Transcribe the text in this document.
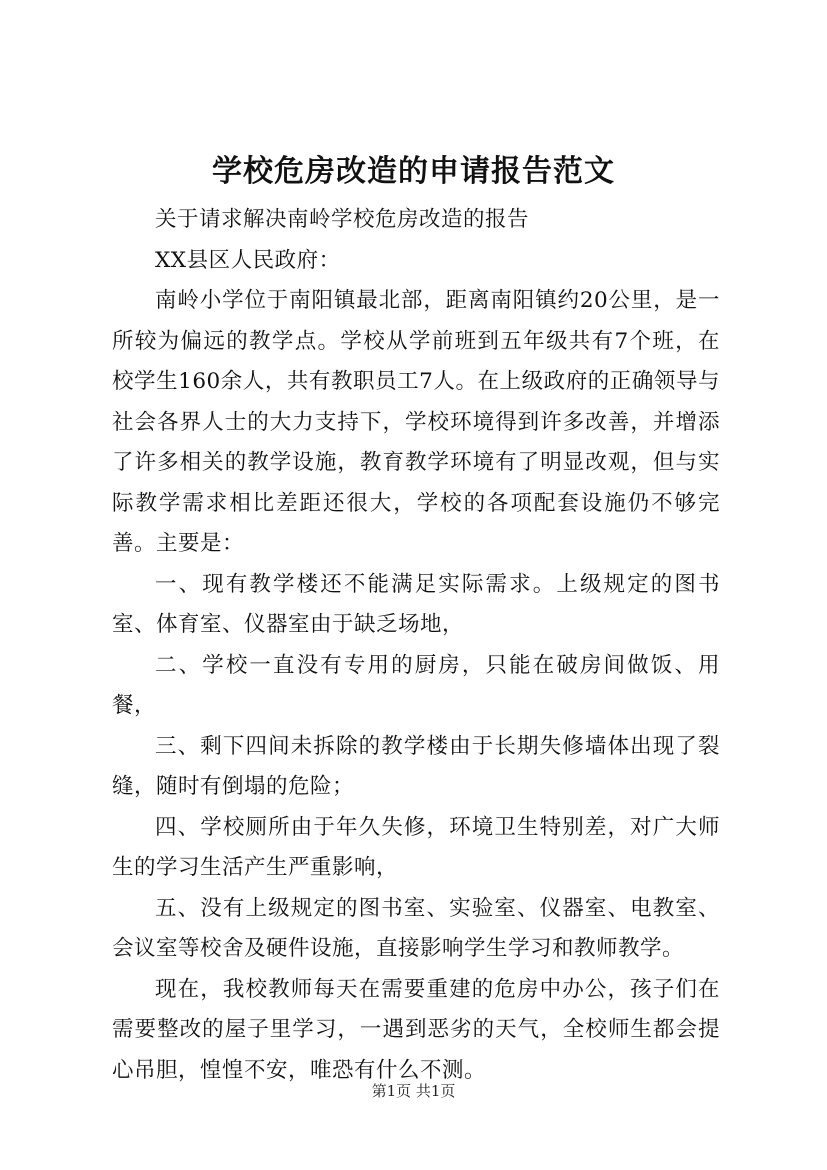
学校危房改造的申请报告范文

关于请求解决南岭学校危房改造的报告

XX县区人民政府：

南岭小学位于南阳镇最北部，距离南阳镇约20公里，是一所较为偏远的教学点。学校从学前班到五年级共有7个班，在校学生160余人，共有教职员工7人。在上级政府的正确领导与社会各界人士的大力支持下，学校环境得到许多改善，并增添了许多相关的教学设施，教育教学环境有了明显改观，但与实际教学需求相比差距还很大，学校的各项配套设施仍不够完善。主要是：

一、现有教学楼还不能满足实际需求。上级规定的图书室、体育室、仪器室由于缺乏场地，

二、学校一直没有专用的厨房，只能在破房间做饭、用餐，

三、剩下四间未拆除的教学楼由于长期失修墙体出现了裂缝，随时有倒塌的危险；

四、学校厕所由于年久失修，环境卫生特别差，对广大师生的学习生活产生严重影响，

五、没有上级规定的图书室、实验室、仪器室、电教室、会议室等校舍及硬件设施，直接影响学生学习和教师教学。

现在，我校教师每天在需要重建的危房中办公，孩子们在需要整改的屋子里学习，一遇到恶劣的天气，全校师生都会提心吊胆，惶惶不安，唯恐有什么不测。

第1页 共1页
